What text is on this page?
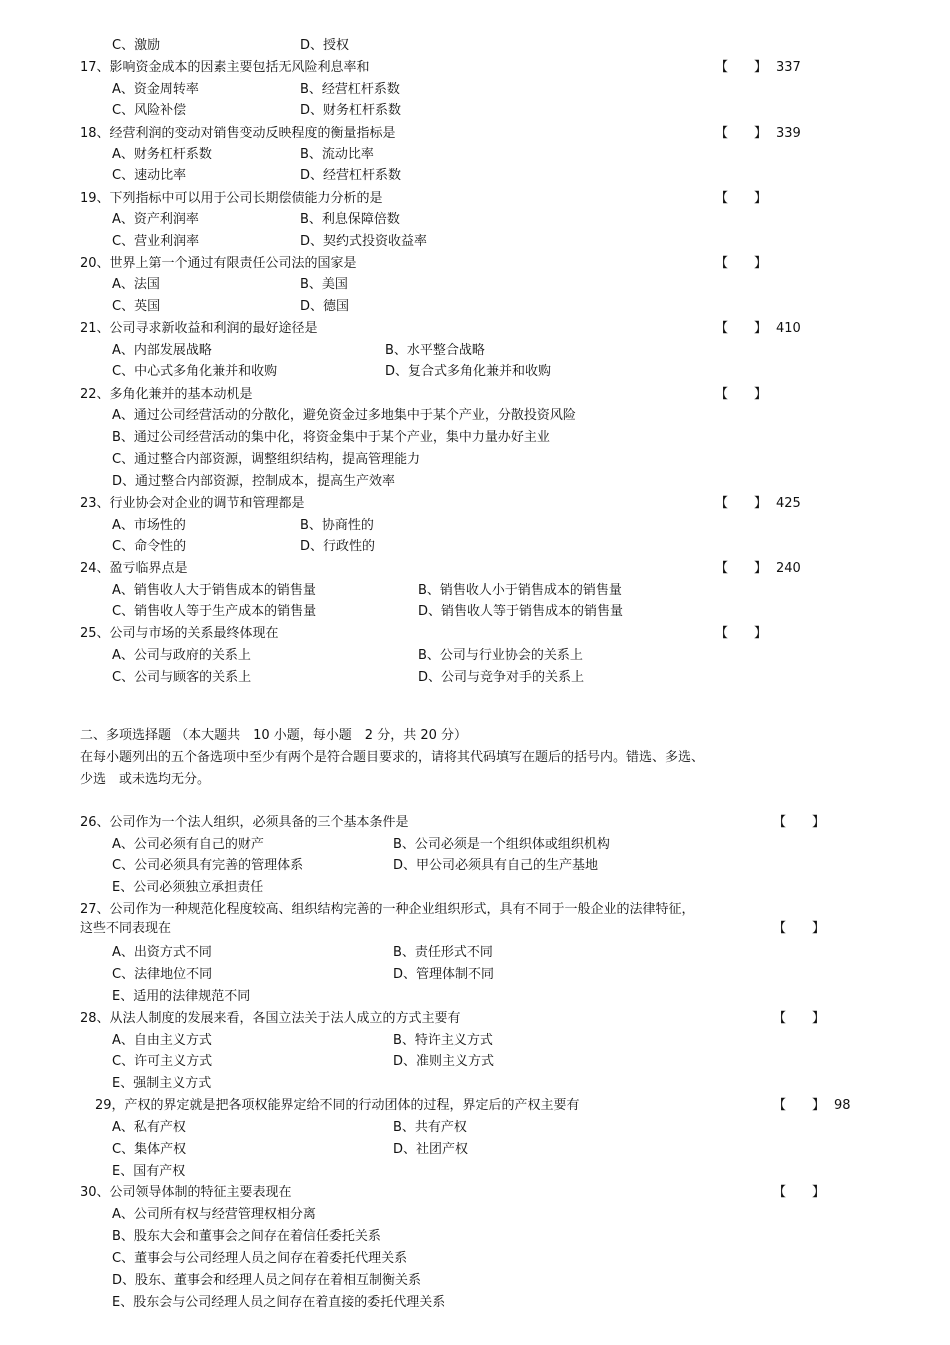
C、激励	D、授权
17、影响资金成本的因素主要包括无风险利息率和	【　　】 337
A、资金周转率	B、经营杠杆系数
C、风险补偿	D、财务杠杆系数
18、经营利润的变动对销售变动反映程度的衡量指标是	【　　】 339
A、财务杠杆系数	B、流动比率
C、速动比率	D、经营杠杆系数
19、下列指标中可以用于公司长期偿债能力分析的是	【　　】
A、资产利润率	B、利息保障倍数
C、营业利润率	D、契约式投资收益率
20、世界上第一个通过有限责任公司法的国家是	【　　】
A、法国	B、美国
C、英国	D、德国
21、公司寻求新收益和利润的最好途径是	【　　】 410
A、内部发展战略	B、水平整合战略
C、中心式多角化兼并和收购	D、复合式多角化兼并和收购
22、多角化兼并的基本动机是	【　　】
A、通过公司经营活动的分散化，避免资金过多地集中于某个产业，分散投资风险
B、通过公司经营活动的集中化，将资金集中于某个产业，集中力量办好主业
C、通过整合内部资源，调整组织结构，提高管理能力
D、通过整合内部资源，控制成本，提高生产效率
23、行业协会对企业的调节和管理都是	【　　】 425
A、市场性的	B、协商性的
C、命令性的	D、行政性的
24、盈亏临界点是	【　　】 240
A、销售收人大于销售成本的销售量	B、销售收人小于销售成本的销售量
C、销售收人等于生产成本的销售量	D、销售收人等于销售成本的销售量
25、公司与市场的关系最终体现在	【　　】
A、公司与政府的关系上	B、公司与行业协会的关系上
C、公司与顾客的关系上	D、公司与竞争对手的关系上
二、多项选择题 （本大题共　10 小题，每小题　2 分，共 20 分）
在每小题列出的五个备选项中至少有两个是符合题目要求的，请将其代码填写在题后的括号内。错选、多选、
少选　或未选均无分。
26、公司作为一个法人组织，必须具备的三个基本条件是	【　　】
A、公司必须有自己的财产	B、公司必须是一个组织体或组织机构
C、公司必须具有完善的管理体系	D、甲公司必须具有自己的生产基地
E、公司必须独立承担责任
27、公司作为一种规范化程度较高、组织结构完善的一种企业组织形式，具有不同于一般企业的法律特征，
这些不同表现在	【　　】
A、出资方式不同	B、责任形式不同
C、法律地位不同	D、管理体制不同
E、适用的法律规范不同
28、从法人制度的发展来看，各国立法关于法人成立的方式主要有	【　　】
A、自由主义方式	B、特许主义方式
C、许可主义方式	D、准则主义方式
E、强制主义方式
29，产权的界定就是把各项权能界定给不同的行动团体的过程，界定后的产权主要有	【　　】 98
A、私有产权	B、共有产权
C、集体产权	D、社团产权
E、国有产权
30、公司领导体制的特征主要表现在	【　　】
A、公司所有权与经营管理权相分离
B、股东大会和董事会之间存在着信任委托关系
C、董事会与公司经理人员之间存在着委托代理关系
D、股东、董事会和经理人员之间存在着相互制衡关系
E、股东会与公司经理人员之间存在着直接的委托代理关系
